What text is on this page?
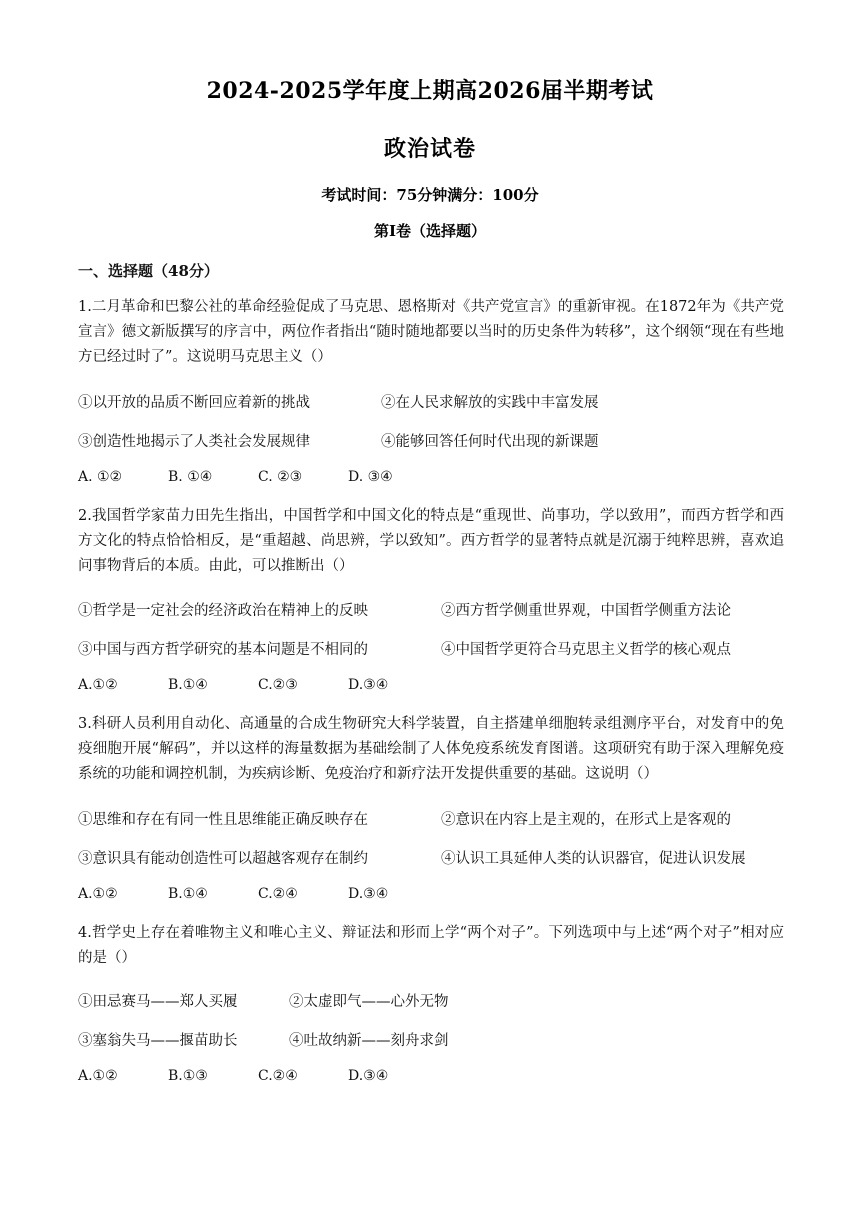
2024-2025学年度上期高2026届半期考试
政治试卷
考试时间：75分钟满分：100分
第Ⅰ卷（选择题）
一、选择题（48分）
1.二月革命和巴黎公社的革命经验促成了马克思、恩格斯对《共产党宣言》的重新审视。在1872年为《共产党宣言》德文新版撰写的序言中，两位作者指出“随时随地都要以当时的历史条件为转移”，这个纲领“现在有些地方已经过时了”。这说明马克思主义（）
①以开放的品质不断回应着新的挑战	②在人民求解放的实践中丰富发展
③创造性地揭示了人类社会发展规律	④能够回答任何时代出现的新课题
A. ①②	B. ①④	C. ②③	D. ③④
2.我国哲学家苗力田先生指出，中国哲学和中国文化的特点是“重现世、尚事功，学以致用”，而西方哲学和西方文化的特点恰恰相反，是“重超越、尚思辨，学以致知”。西方哲学的显著特点就是沉溺于纯粹思辨，喜欢追问事物背后的本质。由此，可以推断出（）
①哲学是一定社会的经济政治在精神上的反映	②西方哲学侧重世界观，中国哲学侧重方法论
③中国与西方哲学研究的基本问题是不相同的	④中国哲学更符合马克思主义哲学的核心观点
A.①②	B.①④	C.②③	D.③④
3.科研人员利用自动化、高通量的合成生物研究大科学装置，自主搭建单细胞转录组测序平台，对发育中的免疫细胞开展“解码”，并以这样的海量数据为基础绘制了人体免疫系统发育图谱。这项研究有助于深入理解免疫系统的功能和调控机制，为疾病诊断、免疫治疗和新疗法开发提供重要的基础。这说明（）
①思维和存在有同一性且思维能正确反映存在	②意识在内容上是主观的，在形式上是客观的
③意识具有能动创造性可以超越客观存在制约	④认识工具延伸人类的认识器官，促进认识发展
A.①②	B.①④	C.②④	D.③④
4.哲学史上存在着唯物主义和唯心主义、辩证法和形而上学“两个对子”。下列选项中与上述“两个对子”相对应的是（）
①田忌赛马——郑人买履	②太虚即气——心外无物
③塞翁失马——揠苗助长	④吐故纳新——刻舟求剑
A.①②	B.①③	C.②④	D.③④
